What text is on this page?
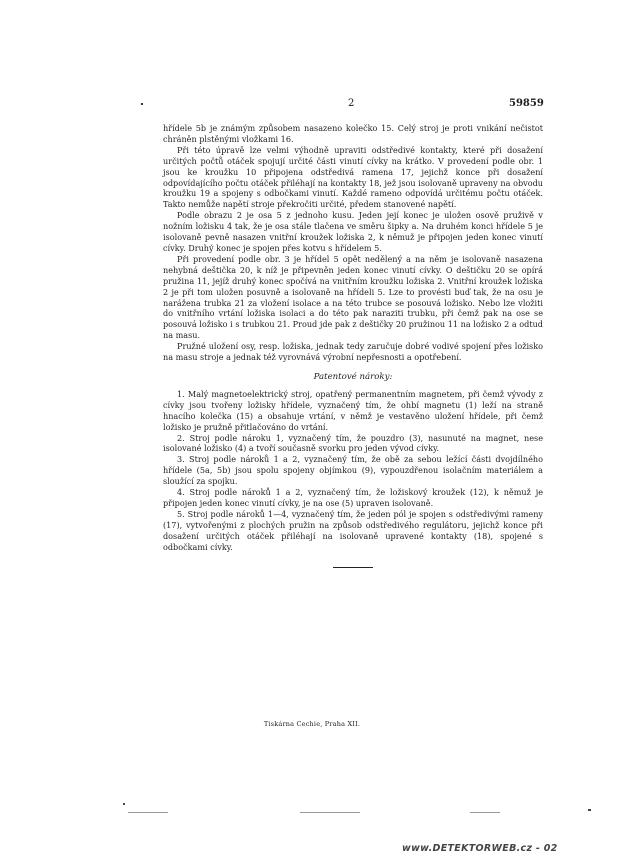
2	59859

hřídele 5b je známým způsobem nasazeno kolečko 15. Celý stroj je proti vnikání nečistot chráněn plstěnými vložkami 16.

Při této úpravě lze velmi výhodně upraviti odstředivé kontakty, které při dosažení určitých počtů otáček spojují určité části vinutí cívky na krátko. V provedení podle obr. 1 jsou ke kroužku 10 připojena odstředivá ramena 17, jejichž konce při dosažení odpovídajícího počtu otáček přiléhají na kontakty 18, jež jsou isolovaně upraveny na obvodu kroužku 19 a spojeny s odbočkami vinutí. Každé rameno odpovídá určitému počtu otáček. Takto nemůže napětí stroje překročiti určité, předem stanovené napětí.

Podle obrazu 2 je osa 5 z jednoho kusu. Jeden její konec je uložen osově pruživě v nožním ložisku 4 tak, že je osa stále tlačena ve směru šipky a. Na druhém konci hřídele 5 je isolovaně pevně nasazen vnitřní kroužek ložiska 2, k němuž je připojen jeden konec vinutí cívky. Druhý konec je spojen přes kotvu s hřídelem 5.

Při provedení podle obr. 3 je hřídel 5 opět nedělený a na něm je isolovaně nasazena nehybná deštička 20, k níž je připevněn jeden konec vinutí cívky. O deštičku 20 se opírá pružina 11, jejíž druhý konec spočívá na vnitřním kroužku ložiska 2. Vnitřní kroužek ložiska 2 je při tom uložen posuvně a isolovaně na hřídeli 5. Lze to provésti buď tak, že na osu je narážena trubka 21 za vložení isolace a na této trubce se posouvá ložisko. Nebo lze vložiti do vnitřního vrtání ložiska isolaci a do této pak naraziti trubku, při čemž pak na ose se posouvá ložisko i s trubkou 21. Proud jde pak z deštičky 20 pružinou 11 na ložisko 2 a odtud na masu.

Pružné uložení osy, resp. ložiska, jednak tedy zaručuje dobré vodivé spojení přes ložisko na masu stroje a jednak též vyrovnává výrobní nepřesnosti a opotřebení.

Patentové nároky:

1. Malý magnetoelektrický stroj, opatřený permanentním magnetem, při čemž vývody z cívky jsou tvořeny ložisky hřídele, vyznačený tím, že ohbí magnetu (1) leží na straně hnacího kolečka (15) a obsahuje vrtání, v němž je vestavěno uložení hřídele, při čemž ložisko je pružně přitlačováno do vrtání.

2. Stroj podle nároku 1, vyznačený tím, že pouzdro (3), nasunuté na magnet, nese isolované ložisko (4) a tvoří současně svorku pro jeden vývod cívky.

3. Stroj podle nároků 1 a 2, vyznačený tím, že obě za sebou ležící části dvojdílného hřídele (5a, 5b) jsou spolu spojeny objímkou (9), vypouzdřenou isolačním materiálem a sloužící za spojku.

4. Stroj podle nároků 1 a 2, vyznačený tím, že ložiskový kroužek (12), k němuž je připojen jeden konec vinutí cívky, je na ose (5) upraven isolovaně.

5. Stroj podle nároků 1—4, vyznačený tím, že jeden pól je spojen s odstředivými rameny (17), vytvořenými z plochých pružin na způsob odstředivého regulátoru, jejichž konce při dosažení určitých otáček přiléhají na isolovaně upravené kontakty (18), spojené s odbočkami cívky.

Tiskárna Cechie, Praha XII.
www.DETEKTORWEB.cz - 02
